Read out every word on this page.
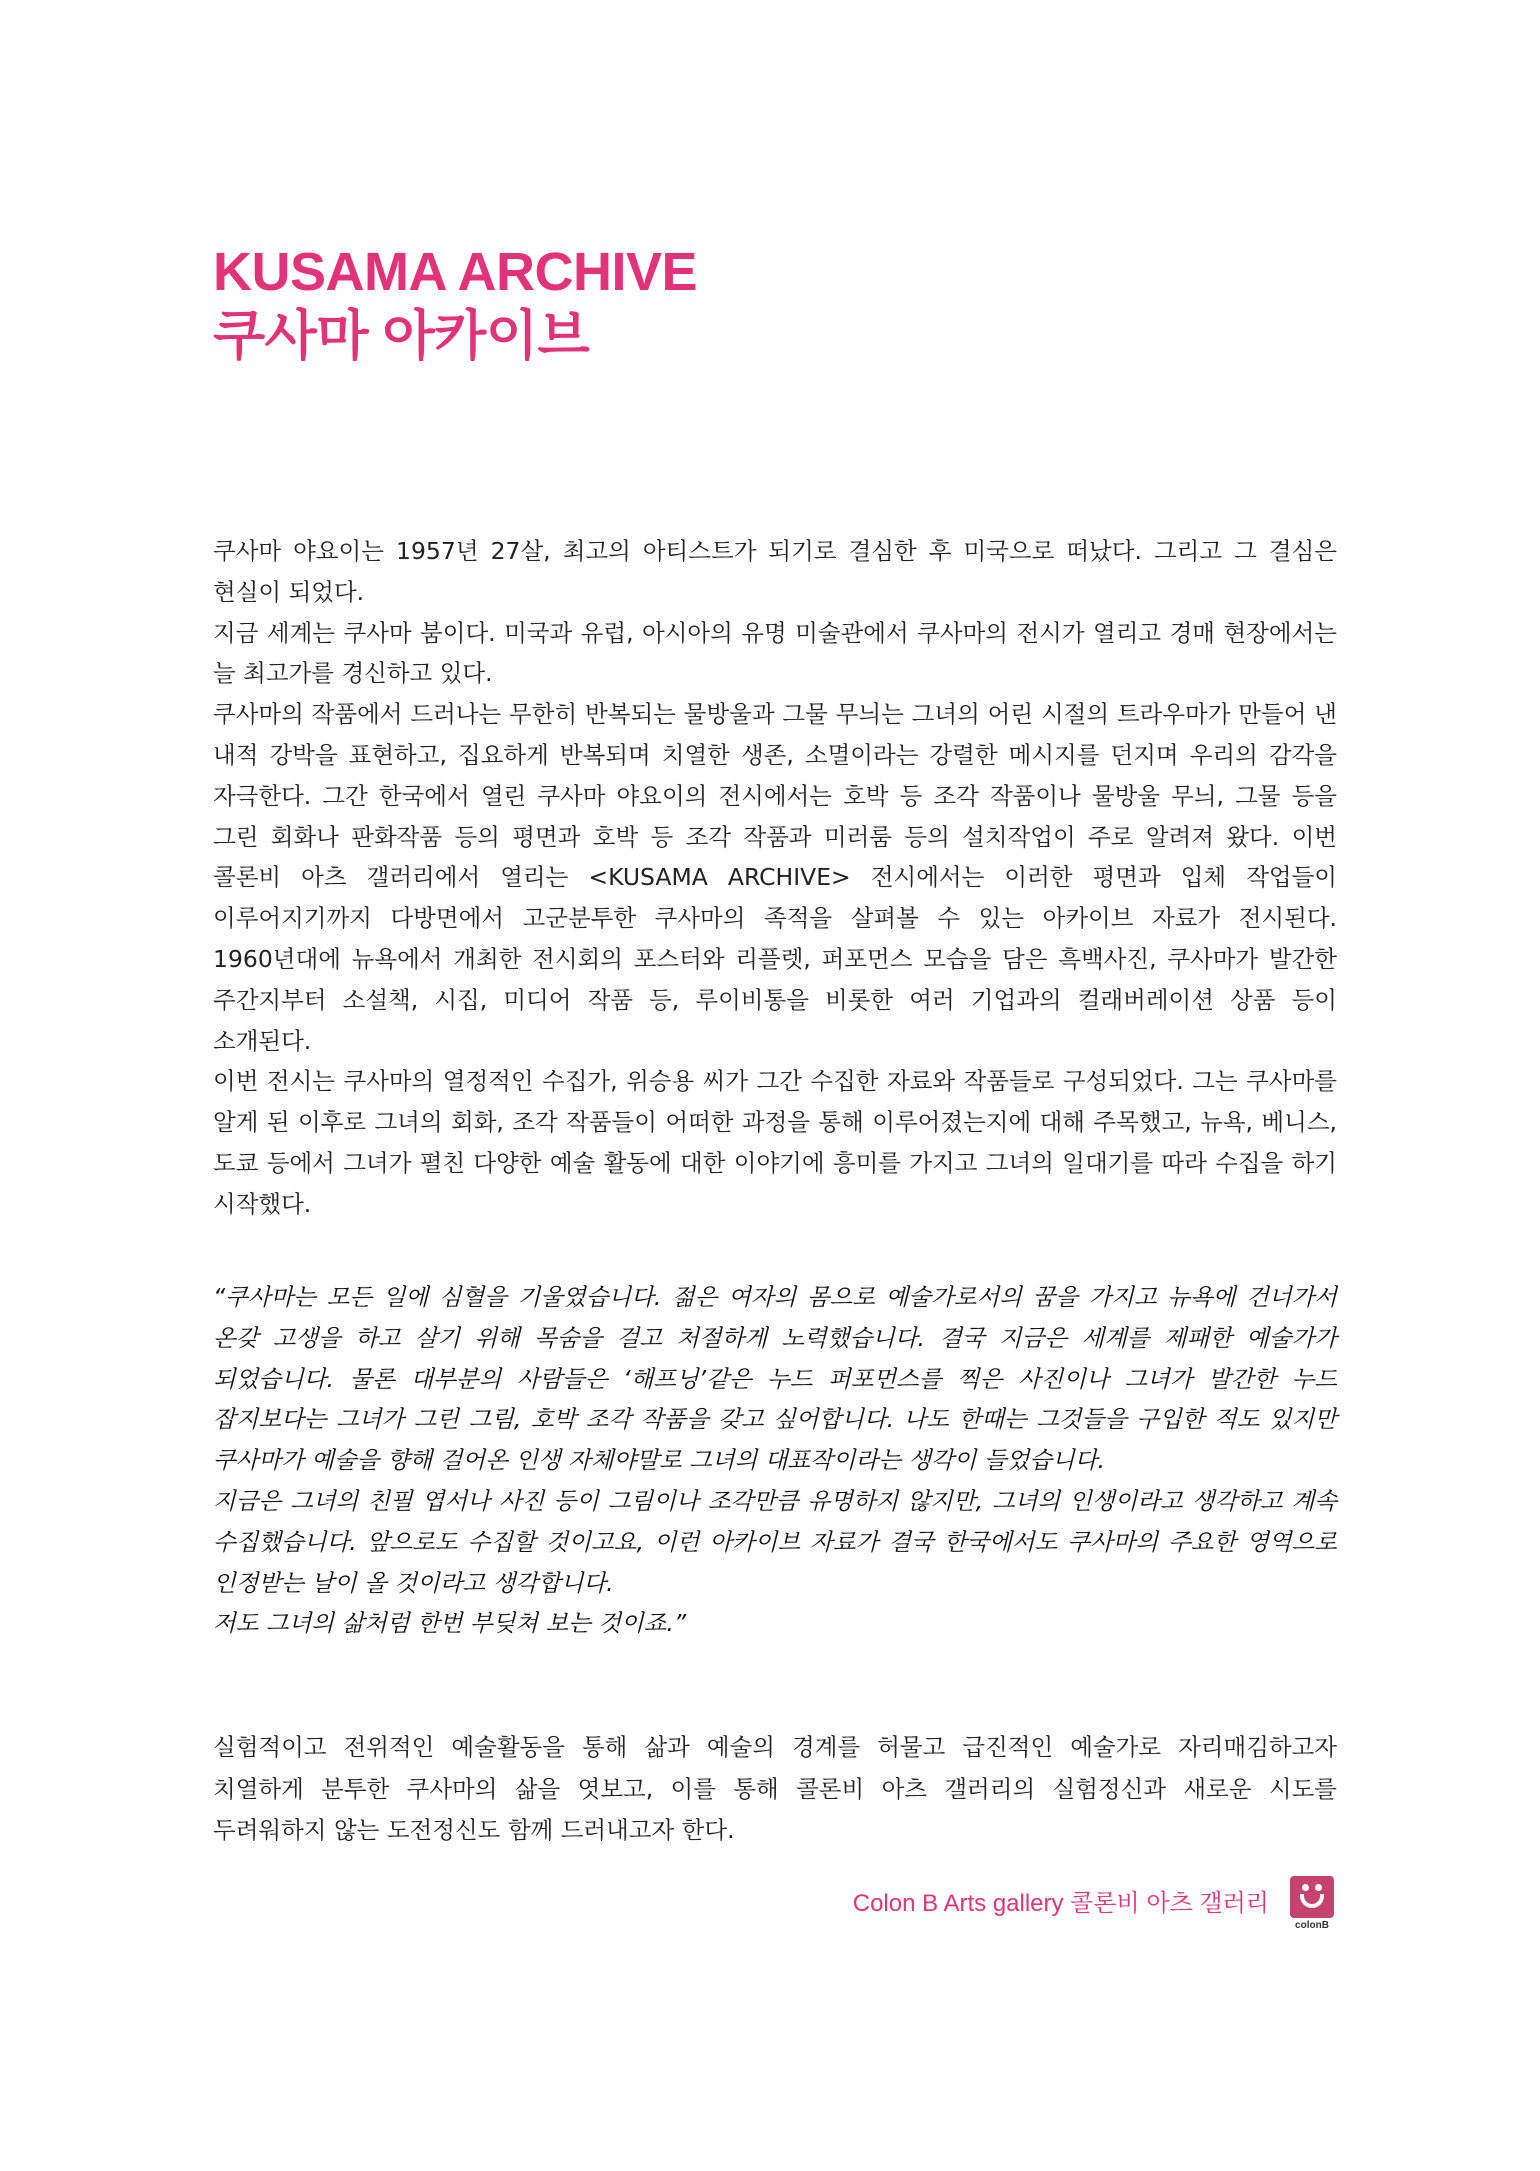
KUSAMA ARCHIVE
쿠사마 아카이브

쿠사마 야요이는 1957년 27살, 최고의 아티스트가 되기로 결심한 후 미국으로 떠났다. 그리고 그 결심은 현실이 되었다.

지금 세계는 쿠사마 붐이다. 미국과 유럽, 아시아의 유명 미술관에서 쿠사마의 전시가 열리고 경매 현장에서는 늘 최고가를 경신하고 있다.

쿠사마의 작품에서 드러나는 무한히 반복되는 물방울과 그물 무늬는 그녀의 어린 시절의 트라우마가 만들어 낸 내적 강박을 표현하고, 집요하게 반복되며 치열한 생존, 소멸이라는 강렬한 메시지를 던지며 우리의 감각을 자극한다. 그간 한국에서 열린 쿠사마 야요이의 전시에서는 호박 등 조각 작품이나 물방울 무늬, 그물 등을 그린 회화나 판화작품 등의 평면과 호박 등 조각 작품과 미러룸 등의 설치작업이 주로 알려져 왔다. 이번 콜론비 아츠 갤러리에서 열리는 <KUSAMA ARCHIVE> 전시에서는 이러한 평면과 입체 작업들이 이루어지기까지 다방면에서 고군분투한 쿠사마의 족적을 살펴볼 수 있는 아카이브 자료가 전시된다. 1960년대에 뉴욕에서 개최한 전시회의 포스터와 리플렛, 퍼포먼스 모습을 담은 흑백사진, 쿠사마가 발간한 주간지부터 소설책, 시집, 미디어 작품 등, 루이비통을 비롯한 여러 기업과의 컬래버레이션 상품 등이 소개된다.

이번 전시는 쿠사마의 열정적인 수집가, 위승용 씨가 그간 수집한 자료와 작품들로 구성되었다. 그는 쿠사마를 알게 된 이후로 그녀의 회화, 조각 작품들이 어떠한 과정을 통해 이루어졌는지에 대해 주목했고, 뉴욕, 베니스, 도쿄 등에서 그녀가 펼친 다양한 예술 활동에 대한 이야기에 흥미를 가지고 그녀의 일대기를 따라 수집을 하기 시작했다.

“쿠사마는 모든 일에 심혈을 기울였습니다. 젊은 여자의 몸으로 예술가로서의 꿈을 가지고 뉴욕에 건너가서 온갖 고생을 하고 살기 위해 목숨을 걸고 처절하게 노력했습니다. 결국 지금은 세계를 제패한 예술가가 되었습니다. 물론 대부분의 사람들은 ‘해프닝’같은 누드 퍼포먼스를 찍은 사진이나 그녀가 발간한 누드 잡지보다는 그녀가 그린 그림, 호박 조각 작품을 갖고 싶어합니다. 나도 한때는 그것들을 구입한 적도 있지만 쿠사마가 예술을 향해 걸어온 인생 자체야말로 그녀의 대표작이라는 생각이 들었습니다.

지금은 그녀의 친필 엽서나 사진 등이 그림이나 조각만큼 유명하지 않지만, 그녀의 인생이라고 생각하고 계속 수집했습니다. 앞으로도 수집할 것이고요, 이런 아카이브 자료가 결국 한국에서도 쿠사마의 주요한 영역으로 인정받는 날이 올 것이라고 생각합니다.

저도 그녀의 삶처럼 한번 부딪쳐 보는 것이죠.”

실험적이고 전위적인 예술활동을 통해 삶과 예술의 경계를 허물고 급진적인 예술가로 자리매김하고자 치열하게 분투한 쿠사마의 삶을 엿보고, 이를 통해 콜론비 아츠 갤러리의 실험정신과 새로운 시도를 두려워하지 않는 도전정신도 함께 드러내고자 한다.

Colon B Arts gallery 콜론비 아츠 갤러리
colonB
